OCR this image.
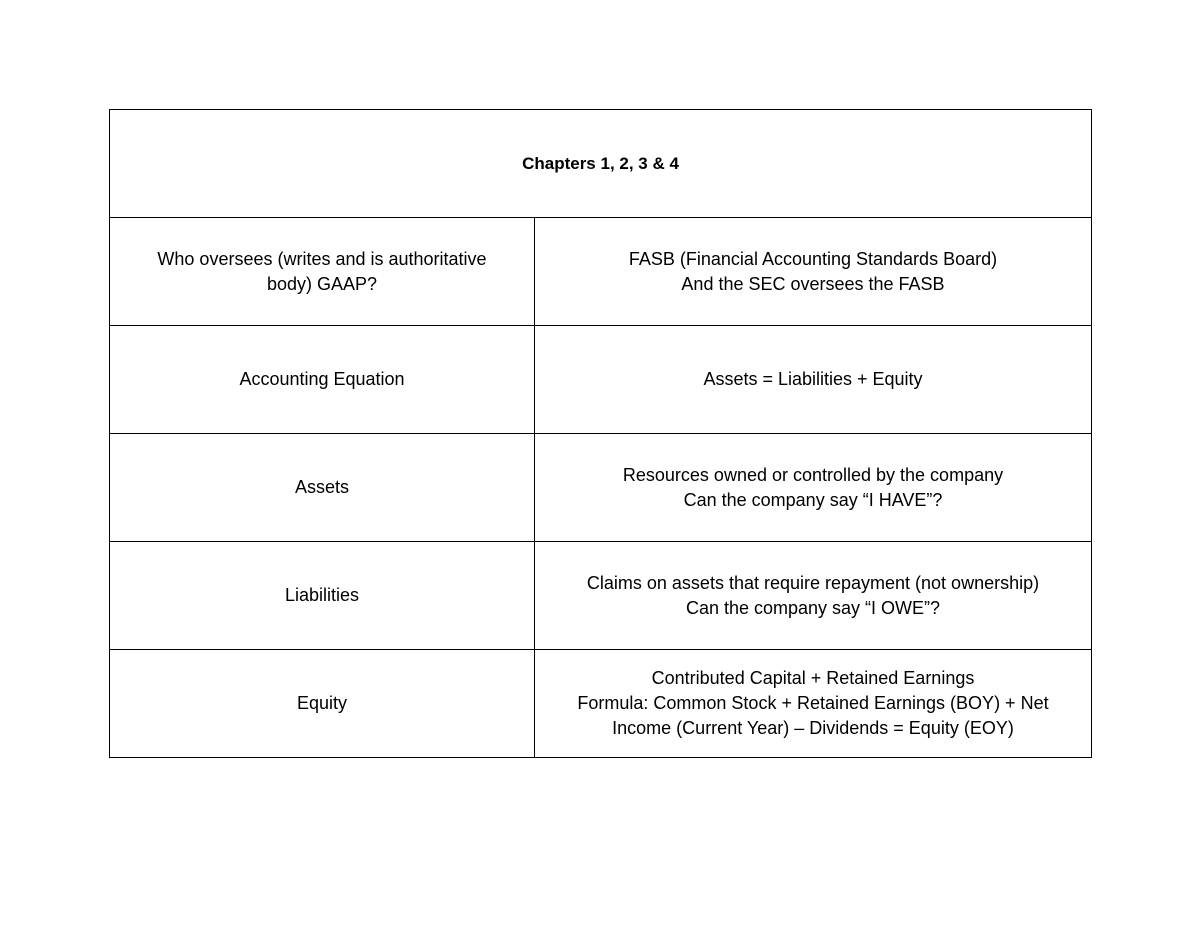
Chapters 1, 2, 3 & 4	
Who oversees (writes and is authoritative body) GAAP?	FASB (Financial Accounting Standards Board)
And the SEC oversees the FASB

Accounting Equation	Assets = Liabilities + Equity

Assets	Resources owned or controlled by the company
Can the company say “I HAVE”?

Liabilities	Claims on assets that require repayment (not ownership)
Can the company say “I OWE”?

Equity	Contributed Capital + Retained Earnings
Formula: Common Stock + Retained Earnings (BOY) + Net Income (Current Year) – Dividends = Equity (EOY)
